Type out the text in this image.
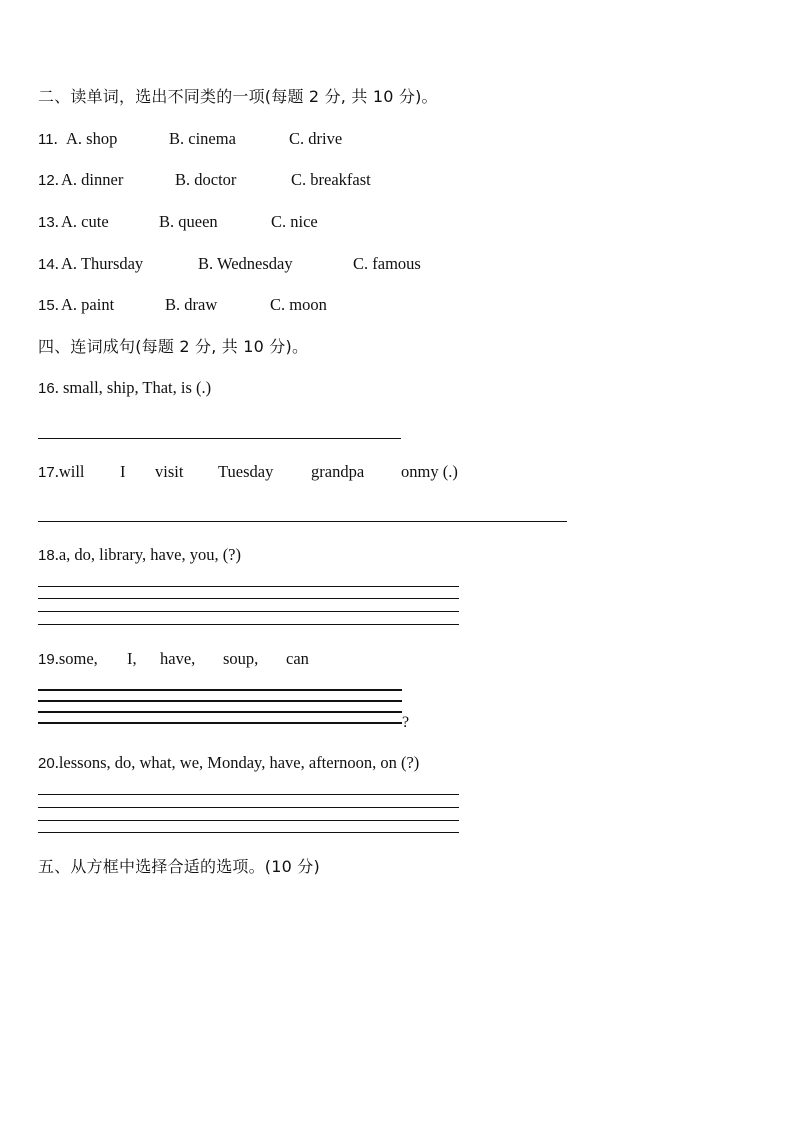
二、读单词，选出不同类的一项(每题 2 分, 共 10 分)。
11. A. shop	B. cinema	C. drive
12. A. dinner	B. doctor	C. breakfast
13. A. cute	B. queen	C. nice
14. A. Thursday	B. Wednesday	C. famous
15. A. paint	B. draw	C. moon
四、连词成句(每题 2 分, 共 10 分)。
16. small, ship, That, is (.)
17.will I visit Tuesday grandpa onmy (.)
18.a, do, library, have, you, (?)
19.some, I, have, soup, can
?
20.lessons, do, what, we, Monday, have, afternoon, on (?)
五、从方框中选择合适的选项。(10 分)
